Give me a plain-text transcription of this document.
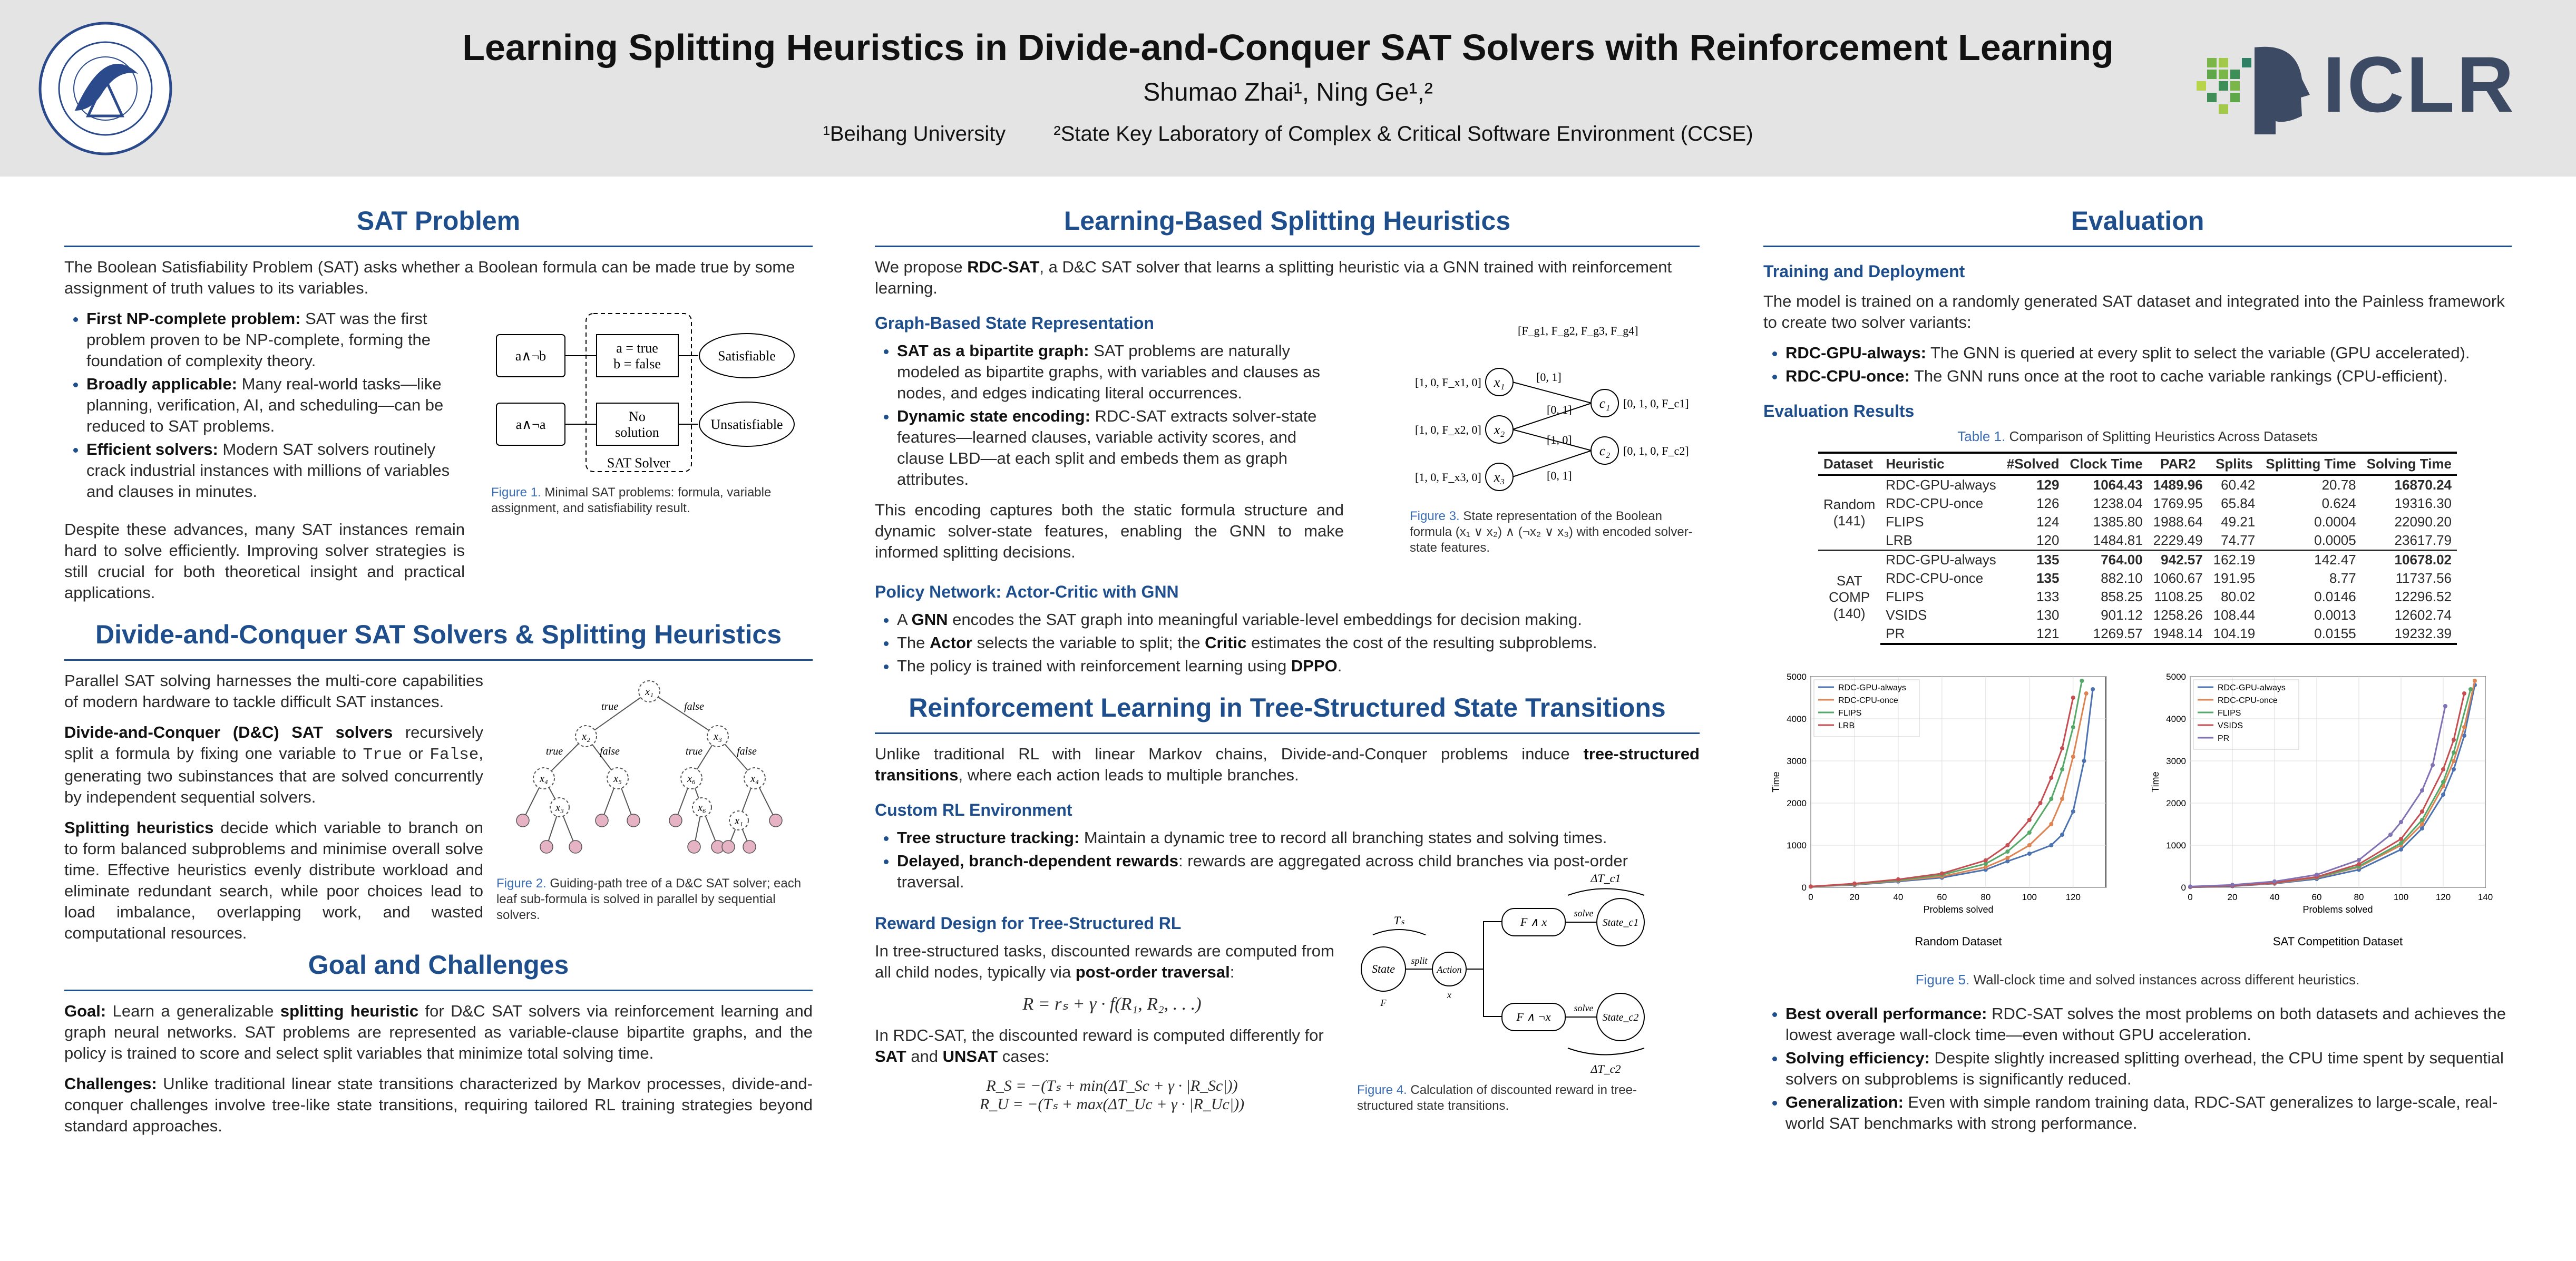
Learning Splitting Heuristics in Divide-and-Conquer SAT Solvers with Reinforcement Learning
Shumao Zhai¹, Ning Ge¹,²
¹Beihang University ²State Key Laboratory of Complex & Critical Software Environment (CCSE)
ICLR
SAT Problem

The Boolean Satisfiability Problem (SAT) asks whether a Boolean formula can be made true by some assignment of truth values to its variables.

• First NP-complete problem: SAT was the first problem proven to be NP-complete, forming the foundation of complexity theory.
• Broadly applicable: Many real-world tasks—like planning, verification, AI, and scheduling—can be reduced to SAT problems.
• Efficient solvers: Modern SAT solvers routinely crack industrial instances with millions of variables and clauses in minutes.
a∧¬b
a∧¬a
a = true
b = false
No
solution
Satisfiable
Unsatisfiable
SAT Solver
Figure 1. Minimal SAT problems: formula, variable assignment, and satisfiability result.

Despite these advances, many SAT instances remain hard to solve efficiently. Improving solver strategies is still crucial for both theoretical insight and practical applications.

Divide-and-Conquer SAT Solvers & Splitting Heuristics

Parallel SAT solving harnesses the multi-core capabilities of modern hardware to tackle difficult SAT instances.

Divide-and-Conquer (D&C) SAT solvers recursively split a formula by fixing one variable to True or False, generating two subinstances that are solved concurrently by independent sequential solvers.

Splitting heuristics decide which variable to branch on to form balanced subproblems and minimise overall solve time. Effective heuristics evenly distribute workload and eliminate redundant search, while poor choices lead to load imbalance, overlapping work, and wasted computational resources.

x₁
x₂	x₃
x₄	x₅	x₆	x₄
x₃	x₆
x₁
true	false
true	false	true	false
Figure 2. Guiding-path tree of a D&C SAT solver; each leaf sub-formula is solved in parallel by sequential solvers.
Goal and Challenges

Goal: Learn a generalizable splitting heuristic for D&C SAT solvers via reinforcement learning and graph neural networks. SAT problems are represented as variable-clause bipartite graphs, and the policy is trained to score and select split variables that minimize total solving time.

Challenges: Unlike traditional linear state transitions characterized by Markov processes, divide-and-conquer challenges involve tree-like state transitions, requiring tailored RL training strategies beyond standard approaches.

Learning-Based Splitting Heuristics

We propose RDC-SAT, a D&C SAT solver that learns a splitting heuristic via a GNN trained with reinforcement learning.

Graph-Based State Representation
• SAT as a bipartite graph: SAT problems are naturally modeled as bipartite graphs, with variables and clauses as nodes, and edges indicating literal occurrences.
• Dynamic state encoding: RDC-SAT extracts solver-state features—learned clauses, variable activity scores, and clause LBD—at each split and embeds them as graph attributes.

This encoding captures both the static formula structure and dynamic solver-state features, enabling the GNN to make informed splitting decisions.

[F_g1, F_g2, F_g3, F_g4]
[1, 0, F_x1, 0]
[1, 0, F_x2, 0]
[1, 0, F_x3, 0]
[0, 1, 0, F_c1]
[0, 1, 0, F_c2]
[0, 1]
[0, 1]
[1, 0]
[0, 1]
x₁
x₂
x₃
c₁
c₂
Figure 3. State representation of the Boolean formula (x₁ ∨ x₂) ∧ (¬x₂ ∨ x₃) with encoded solver-state features.
Policy Network: Actor-Critic with GNN
• A GNN encodes the SAT graph into meaningful variable-level embeddings for decision making.
• The Actor selects the variable to split; the Critic estimates the cost of the resulting subproblems.
• The policy is trained with reinforcement learning using DPPO.
Reinforcement Learning in Tree-Structured State Transitions

Unlike traditional RL with linear Markov chains, Divide-and-Conquer problems induce tree-structured transitions, where each action leads to multiple branches.

Custom RL Environment
• Tree structure tracking: Maintain a dynamic tree to record all branching states and solving times.
• Delayed, branch-dependent rewards: rewards are aggregated across child branches via post-order traversal.
Reward Design for Tree-Structured RL

In tree-structured tasks, discounted rewards are computed from all child nodes, typically via post-order traversal:

R = rₛ + γ · f(R₁, R₂, . . .)

In RDC-SAT, the discounted reward is computed differently for SAT and UNSAT cases:

R_S = −(Tₛ + min(ΔT_Sc + γ · |R_Sc|))
R_U = −(Tₛ + max(ΔT_Uc + γ · |R_Uc|))
State	Action
split
solve
solve
F ∧ x
F ∧ ¬x
State_c1
State_c2
Tₛ
ΔT_c1
ΔT_c2
F
x
Figure 4. Calculation of discounted reward in tree-structured state transitions.
Evaluation
Training and Deployment

The model is trained on a randomly generated SAT dataset and integrated into the Painless framework to create two solver variants:

• RDC-GPU-always: The GNN is queried at every split to select the variable (GPU accelerated).
• RDC-CPU-once: The GNN runs once at the root to cache variable rankings (CPU-efficient).
Evaluation Results
Table 1. Comparison of Splitting Heuristics Across Datasets
Dataset	Heuristic	#Solved	Clock Time	PAR2	Splits	Splitting Time	Solving Time
Random
(141)	RDC-GPU-always	129	1064.43	1489.96	60.42	20.78	16870.24
	RDC-CPU-once	126	1238.04	1769.95	65.84	0.624	19316.30
	FLIPS	124	1385.80	1988.64	49.21	0.0004	22090.20
	LRB	120	1484.81	2229.49	74.77	0.0005	23617.79
SAT
COMP
(140)	RDC-GPU-always	135	764.00	942.57	162.19	142.47	10678.02
	RDC-CPU-once	135	882.10	1060.67	191.95	8.77	11737.56
	FLIPS	133	858.25	1108.25	80.02	0.0146	12296.52
	VSIDS	130	901.12	1258.26	108.44	0.0013	12602.74
	PR	121	1269.57	1948.14	104.19	0.0155	19232.39
0	20	40	60	80	100	120
0
1000
2000
3000
4000
5000
Problems solved
Time
Random Dataset
RDC-GPU-always
RDC-CPU-once
FLIPS
LRB
0	20	40	60	80	100	120	140
0
1000
2000
3000
4000
5000
Problems solved
Time
SAT Competition Dataset
RDC-GPU-always
RDC-CPU-once
FLIPS
VSIDS
PR
Figure 5. Wall-clock time and solved instances across different heuristics.
• Best overall performance: RDC-SAT solves the most problems on both datasets and achieves the lowest average wall-clock time—even without GPU acceleration.
• Solving efficiency: Despite slightly increased splitting overhead, the CPU time spent by sequential solvers on subproblems is significantly reduced.
• Generalization: Even with simple random training data, RDC-SAT generalizes to large-scale, real-world SAT benchmarks with strong performance.
